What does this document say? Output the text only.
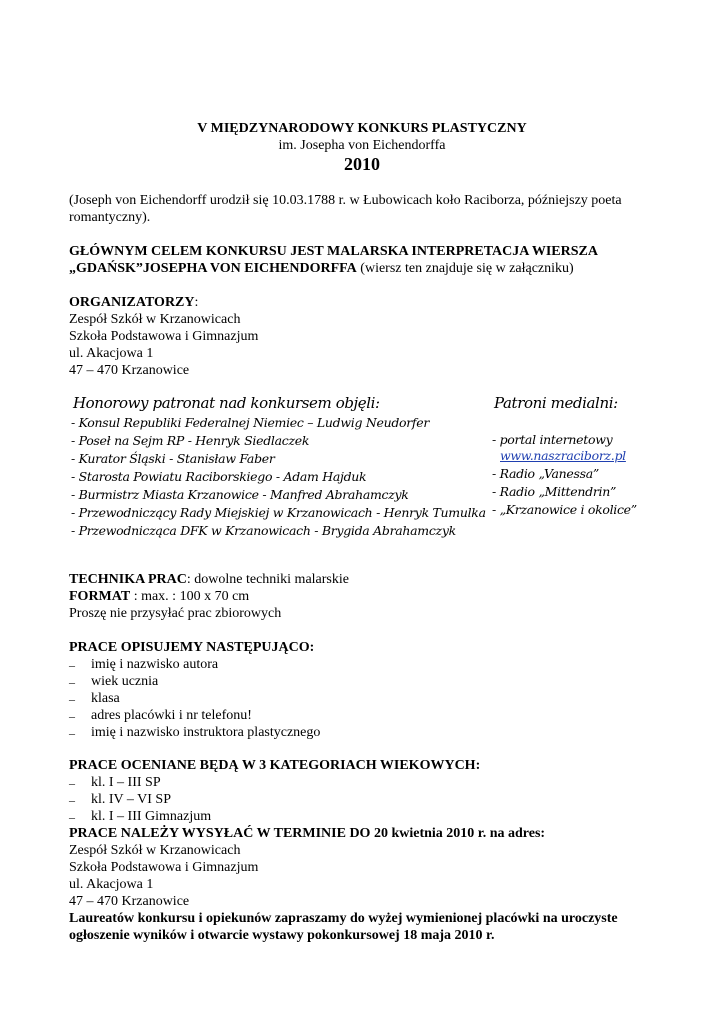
V MIĘDZYNARODOWY KONKURS PLASTYCZNY
im. Josepha von Eichendorffa
2010
(Joseph von Eichendorff urodził się 10.03.1788 r. w Łubowicach koło Raciborza, późniejszy poeta
romantyczny).
GŁÓWNYM CELEM KONKURSU JEST MALARSKA INTERPRETACJA WIERSZA
„GDAŃSK”JOSEPHA VON EICHENDORFFA (wiersz ten znajduje się w załączniku)
ORGANIZATORZY:
Zespół Szkół w Krzanowicach
Szkoła Podstawowa i Gimnazjum
ul. Akacjowa 1
47 – 470 Krzanowice
Honorowy patronat nad konkursem objęli:
- Konsul Republiki Federalnej Niemiec – Ludwig Neudorfer
- Poseł na Sejm RP - Henryk Siedlaczek
- Kurator Śląski - Stanisław Faber
- Starosta Powiatu Raciborskiego - Adam Hajduk
- Burmistrz Miasta Krzanowice - Manfred Abrahamczyk
- Przewodniczący Rady Miejskiej w Krzanowicach - Henryk Tumulka
- Przewodnicząca DFK w Krzanowicach - Brygida Abrahamczyk
Patroni medialni:
- portal internetowy
www.naszraciborz.pl
- Radio „Vanessa”
- Radio „Mittendrin”
- „Krzanowice i okolice”
TECHNIKA PRAC: dowolne techniki malarskie
FORMAT : max. : 100 x 70 cm
Proszę nie przysyłać prac zbiorowych
PRACE OPISUJEMY NASTĘPUJĄCO:
– imię i nazwisko autora
– wiek ucznia
– klasa
– adres placówki i nr telefonu!
– imię i nazwisko instruktora plastycznego
PRACE OCENIANE BĘDĄ W 3 KATEGORIACH WIEKOWYCH:
– kl. I – III SP
– kl. IV – VI SP
– kl. I – III Gimnazjum
PRACE NALEŻY WYSYŁAĆ W TERMINIE DO 20 kwietnia 2010 r. na adres:
Zespół Szkół w Krzanowicach
Szkoła Podstawowa i Gimnazjum
ul. Akacjowa 1
47 – 470 Krzanowice
Laureatów konkursu i opiekunów zapraszamy do wyżej wymienionej placówki na uroczyste
ogłoszenie wyników i otwarcie wystawy pokonkursowej 18 maja 2010 r.
